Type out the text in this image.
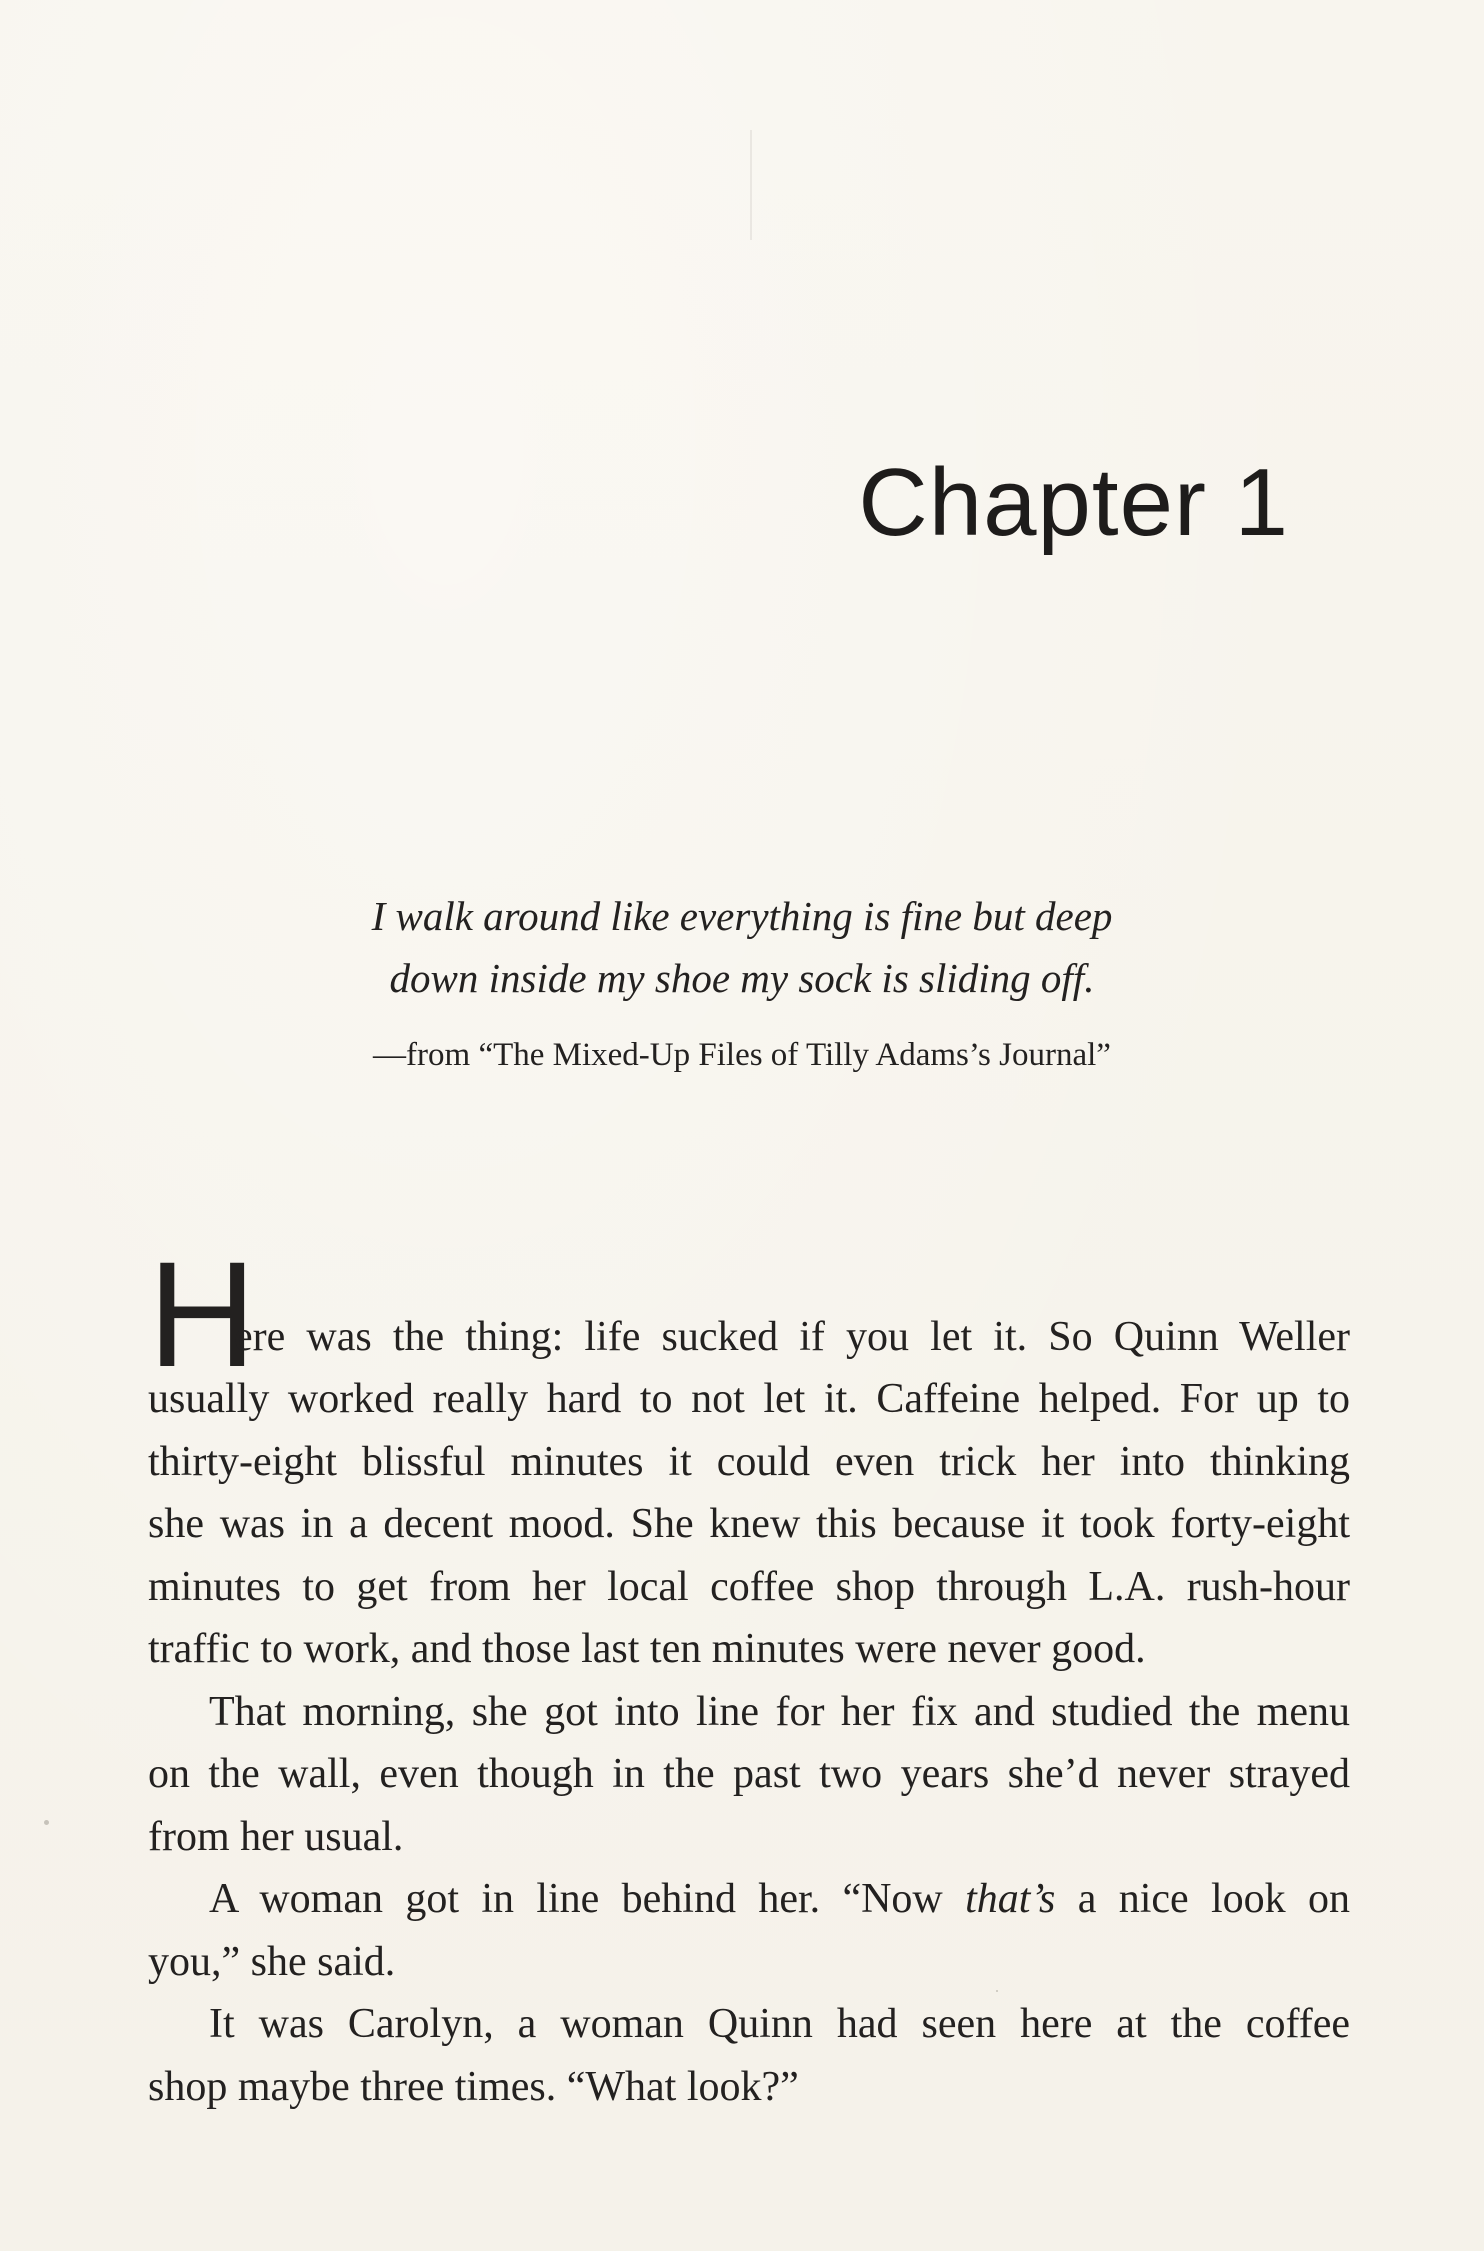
Chapter 1
I walk around like everything is fine but deep
down inside my shoe my sock is sliding off.
—from “The Mixed-Up Files of Tilly Adams’s Journal”
H
ere was the thing: life sucked if you let it. So Quinn Weller
usually worked really hard to not let it. Caffeine helped. For up to
thirty-eight blissful minutes it could even trick her into thinking
she was in a decent mood. She knew this because it took forty-eight
minutes to get from her local coffee shop through L.A. rush-hour
traffic to work, and those last ten minutes were never good.
That morning, she got into line for her fix and studied the menu
on the wall, even though in the past two years she’d never strayed
from her usual.
A woman got in line behind her. “Now that’s a nice look on
you,” she said.
It was Carolyn, a woman Quinn had seen here at the coffee
shop maybe three times. “What look?”
